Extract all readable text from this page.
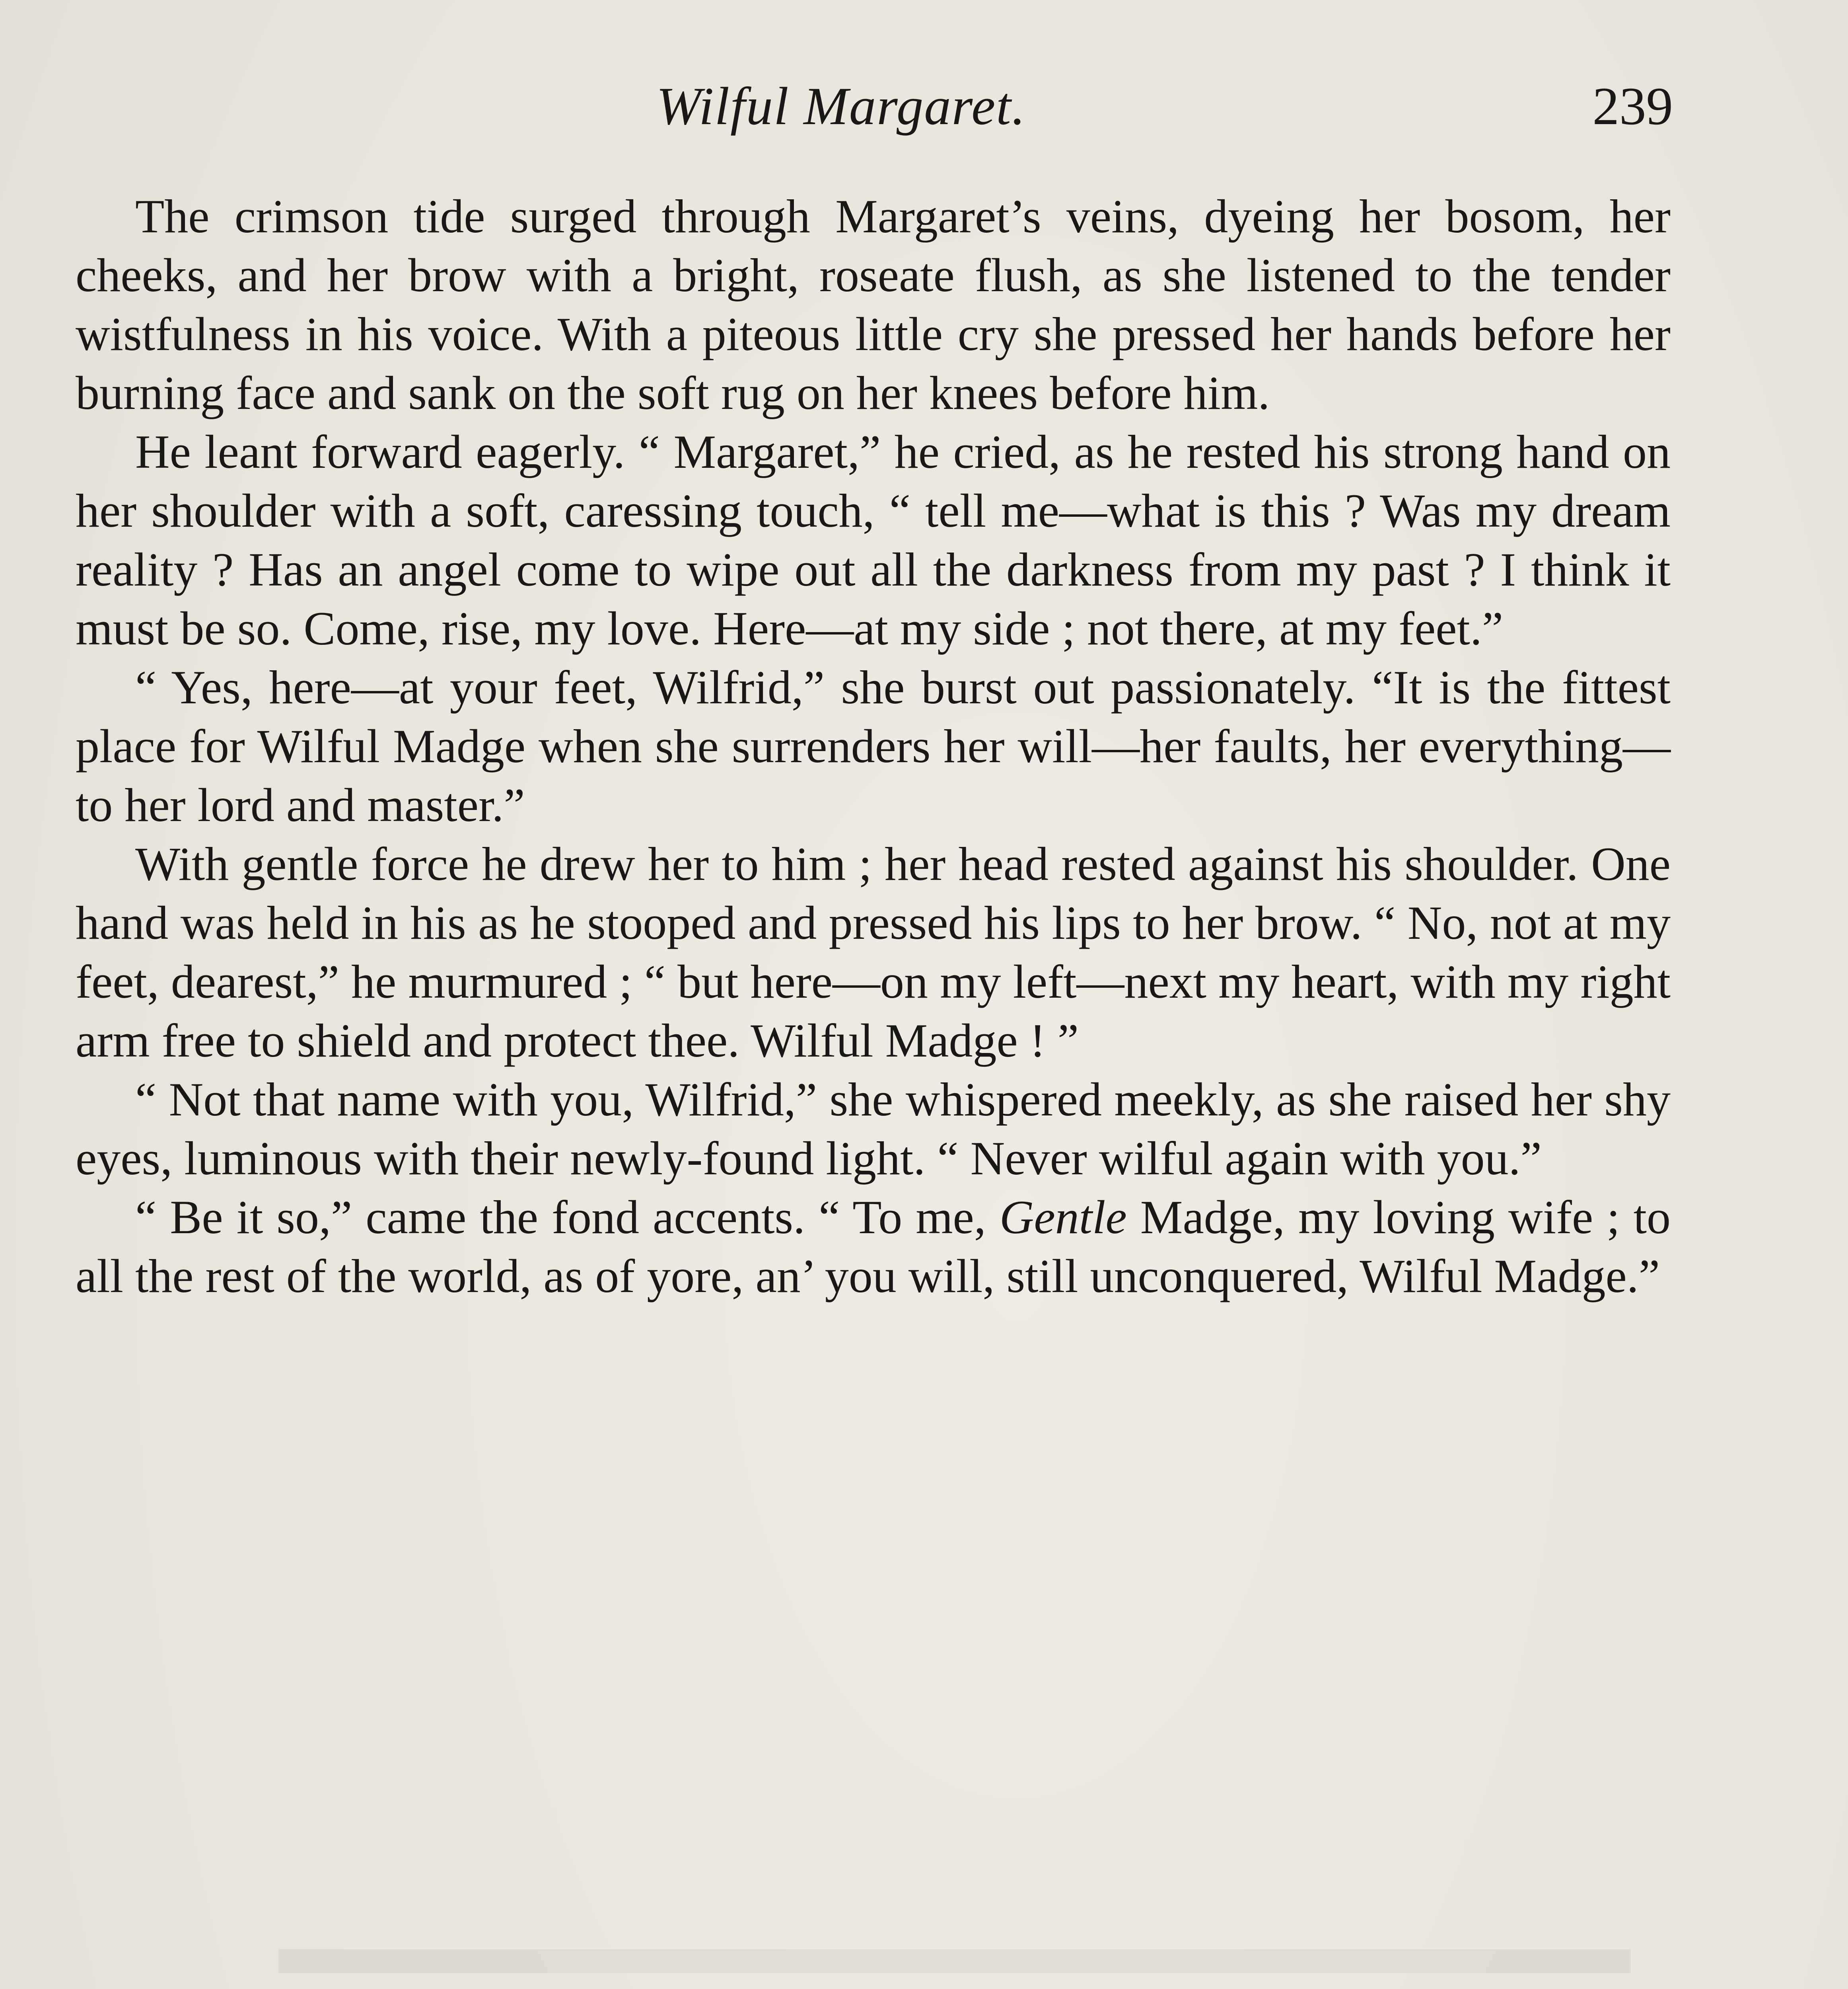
Wilful Margaret.	239

The crimson tide surged through Margaret’s veins, dyeing her bosom, her cheeks, and her brow with a bright, roseate flush, as she listened to the tender wistfulness in his voice. With a piteous little cry she pressed her hands before her burning face and sank on the soft rug on her knees before him.

He leant forward eagerly. “ Margaret,” he cried, as he rested his strong hand on her shoulder with a soft, caressing touch, “ tell me—what is this ? Was my dream reality ? Has an angel come to wipe out all the darkness from my past ? I think it must be so. Come, rise, my love. Here—at my side ; not there, at my feet.”

“ Yes, here—at your feet, Wilfrid,” she burst out passionately. “It is the fittest place for Wilful Madge when she surrenders her will—her faults, her everything—to her lord and master.”

With gentle force he drew her to him ; her head rested against his shoulder. One hand was held in his as he stooped and pressed his lips to her brow. “ No, not at my feet, dearest,” he murmured ; “ but here—on my left—next my heart, with my right arm free to shield and protect thee. Wilful Madge ! ”

“ Not that name with you, Wilfrid,” she whispered meekly, as she raised her shy eyes, luminous with their newly-found light. “ Never wilful again with you.”

“ Be it so,” came the fond accents. “ To me, Gentle Madge, my loving wife ; to all the rest of the world, as of yore, an’ you will, still unconquered, Wilful Madge.”
